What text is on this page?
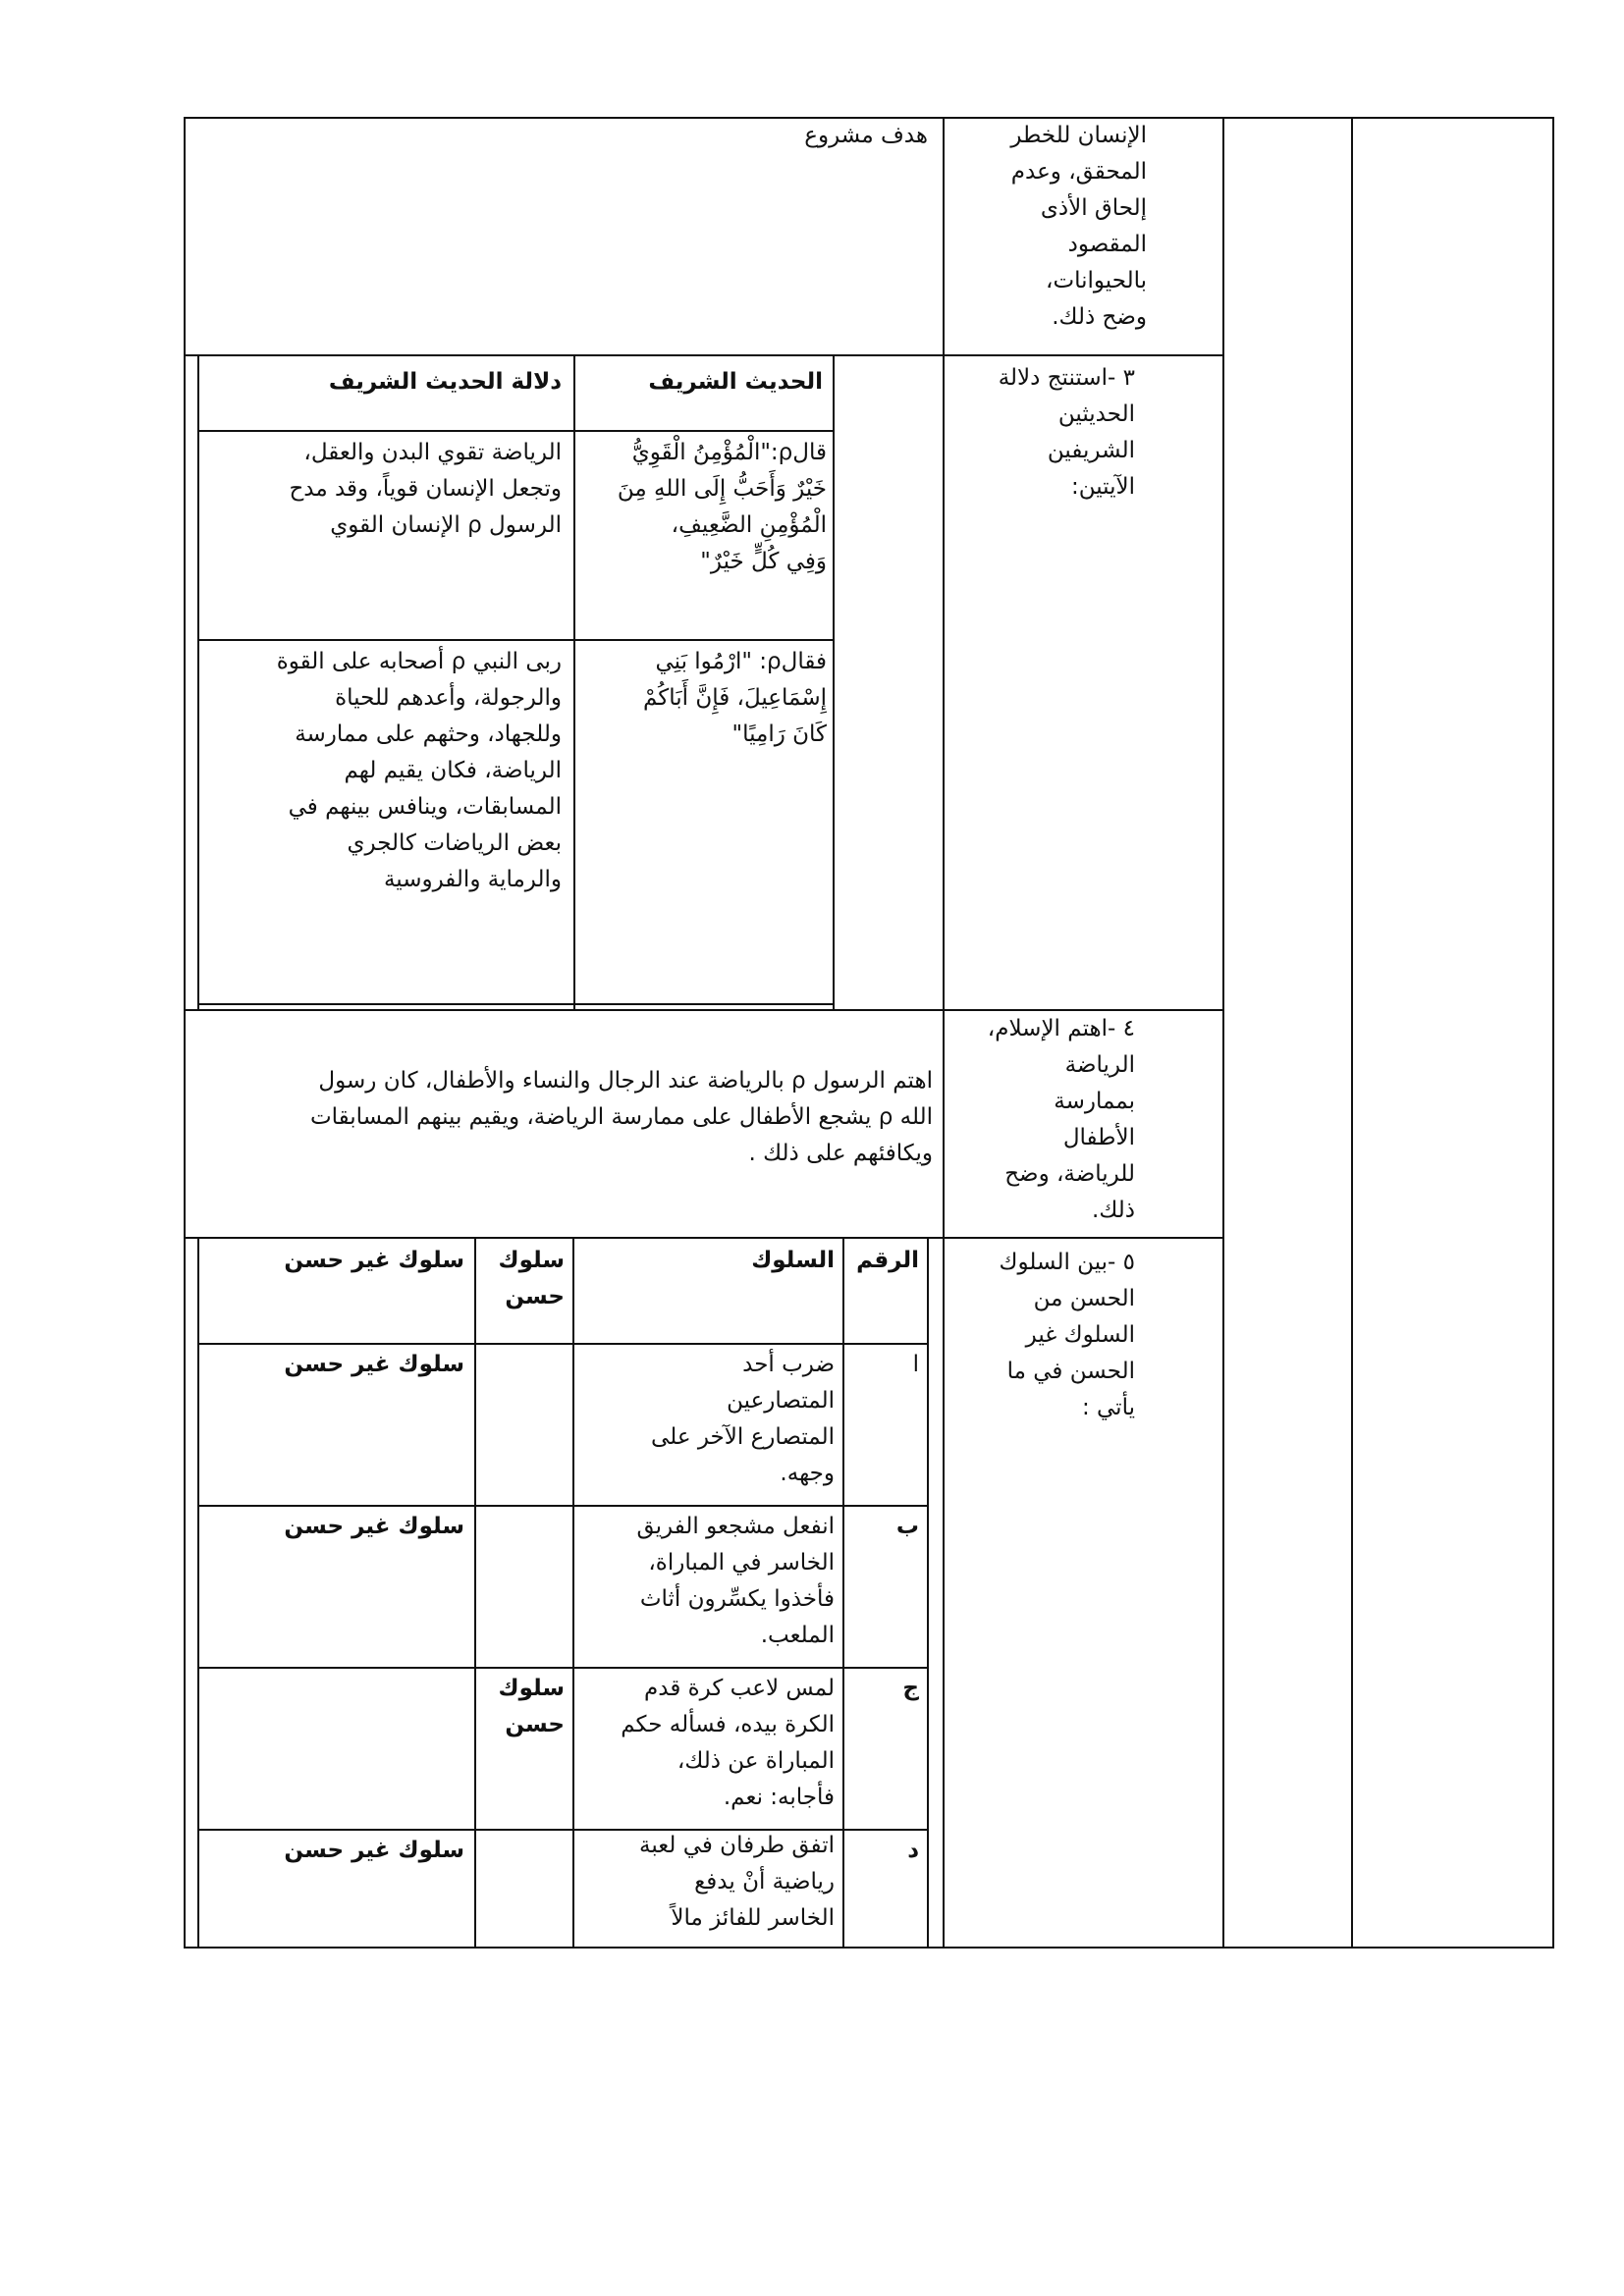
الإنسان للخطر
المحقق، وعدم
إلحاق الأذى
المقصود
بالحيوانات،
وضح ذلك.
هدف مشروع
٣ -استنتج دلالة
الحديثين
الشريفين
الآيتين:
الحديث الشريف
دلالة الحديث الشريف
قالρ:"الْمُؤْمِنُ الْقَوِيُّ
خَيْرٌ وَأَحَبُّ إِلَى اللهِ مِنَ
الْمُؤْمِنِ الضَّعِيفِ،
وَفِي كُلٍّ خَيْرٌ"
الرياضة تقوي البدن والعقل،
وتجعل الإنسان قوياً، وقد مدح
الرسول ρ الإنسان القوي
فقالρ: "ارْمُوا بَنِي
إِسْمَاعِيلَ، فَإِنَّ أَبَاكُمْ
كَانَ رَامِيًا"
ربى النبي ρ أصحابه على القوة
والرجولة، وأعدهم للحياة
وللجهاد، وحثهم على ممارسة
الرياضة، فكان يقيم لهم
المسابقات، وينافس بينهم في
بعض الرياضات كالجري
والرماية والفروسية
٤ -اهتم الإسلام،
الرياضة
بممارسة
الأطفال
للرياضة، وضح
ذلك.
اهتم الرسول ρ بالرياضة عند الرجال والنساء والأطفال، كان رسول
الله ρ يشجع الأطفال على ممارسة الرياضة، ويقيم بينهم المسابقات
ويكافئهم على ذلك .
٥ -بين السلوك
الحسن من
السلوك غير
الحسن في ما
يأتي :
الرقم
السلوك
سلوك
حسن
سلوك غير حسن
ا
ضرب أحد
المتصارعين
المتصارع الآخر على
وجهه.
سلوك غير حسن
ب
انفعل مشجعو الفريق
الخاسر في المباراة،
فأخذوا يكسِّرون أثاث
الملعب.
سلوك غير حسن
ج
لمس لاعب كرة قدم
الكرة بيده، فسأله حكم
المباراة عن ذلك،
فأجابه: نعم.
سلوك
حسن
د
اتفق طرفان في لعبة
رياضية أنْ يدفع
الخاسر للفائز مالاً
سلوك غير حسن
